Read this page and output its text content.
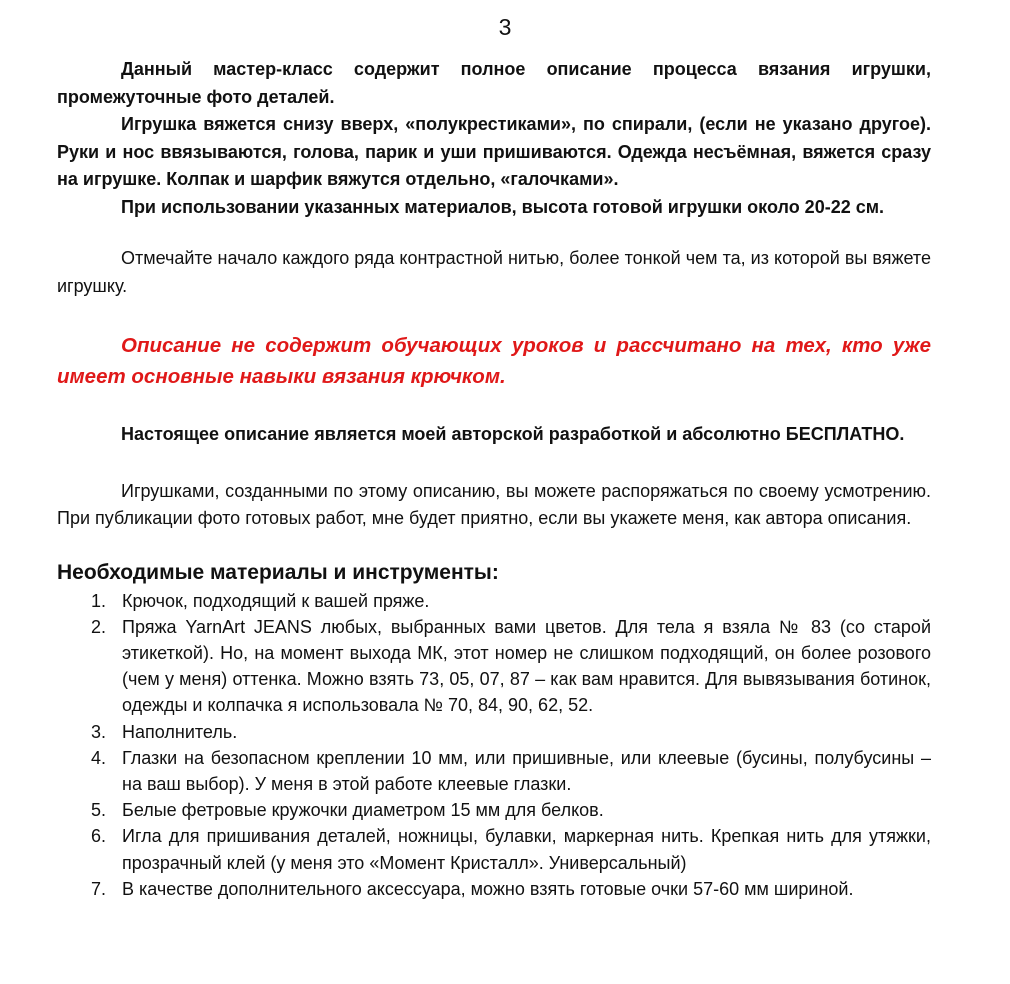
3

Данный мастер-класс содержит полное описание процесса вязания игрушки, промежуточные фото деталей.

Игрушка вяжется снизу вверх, «полукрестиками», по спирали, (если не указано другое). Руки и нос ввязываются, голова, парик и уши пришиваются. Одежда несъёмная, вяжется сразу на игрушке. Колпак и шарфик вяжутся отдельно, «галочками».

При использовании указанных материалов, высота готовой игрушки около 20-22 см.

Отмечайте начало каждого ряда контрастной нитью, более тонкой чем та, из которой вы вяжете игрушку.

Описание не содержит обучающих уроков и рассчитано на тех, кто уже имеет основные навыки вязания крючком.

Настоящее описание является моей авторской разработкой и абсолютно БЕСПЛАТНО.

Игрушками, созданными по этому описанию, вы можете распоряжаться по своему усмотрению. При публикации фото готовых работ, мне будет приятно, если вы укажете меня, как автора описания.

Необходимые материалы и инструменты:
1. Крючок, подходящий к вашей пряже.
2. Пряжа YarnArt JEANS любых, выбранных вами цветов. Для тела я взяла № 83 (со старой этикеткой). Но, на момент выхода МК, этот номер не слишком подходящий, он более розового (чем у меня) оттенка. Можно взять 73, 05, 07, 87 – как вам нравится. Для вывязывания ботинок, одежды и колпачка я использовала № 70, 84, 90, 62, 52.
3. Наполнитель.
4. Глазки на безопасном креплении 10 мм, или пришивные, или клеевые (бусины, полубусины – на ваш выбор). У меня в этой работе клеевые глазки.
5. Белые фетровые кружочки диаметром 15 мм для белков.
6. Игла для пришивания деталей, ножницы, булавки, маркерная нить. Крепкая нить для утяжки, прозрачный клей (у меня это «Момент Кристалл». Универсальный)
7. В качестве дополнительного аксессуара, можно взять готовые очки 57-60 мм шириной.
